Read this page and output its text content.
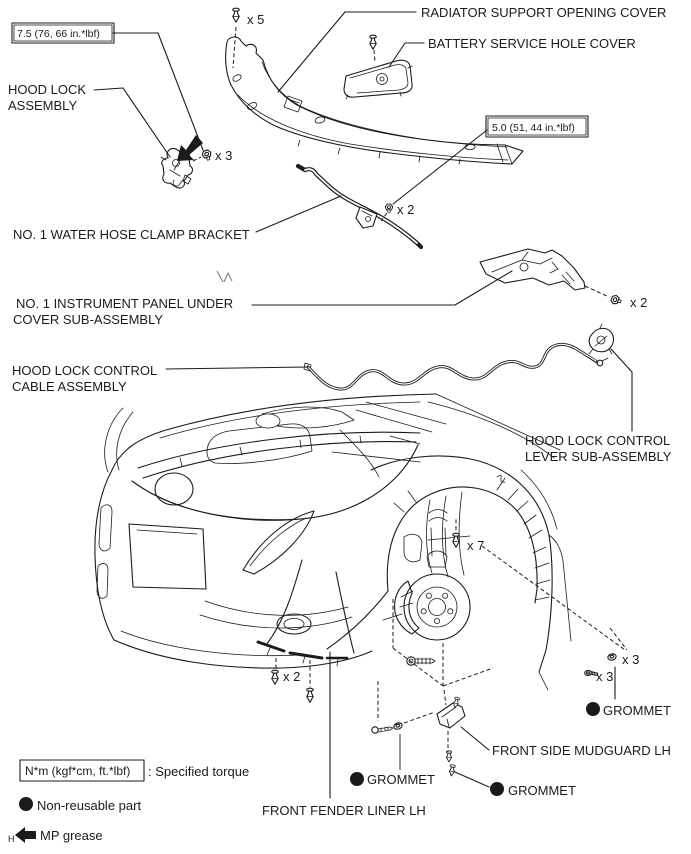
7.5 (76, 66 in.*lbf)
5.0 (51, 44 in.*lbf)
RADIATOR SUPPORT OPENING COVER
BATTERY SERVICE HOLE COVER
HOOD LOCK
ASSEMBLY
NO. 1 WATER HOSE CLAMP BRACKET
NO. 1 INSTRUMENT PANEL UNDER
COVER SUB-ASSEMBLY
HOOD LOCK CONTROL
CABLE ASSEMBLY
HOOD LOCK CONTROL
LEVER SUB-ASSEMBLY
FRONT SIDE MUDGUARD LH
FRONT FENDER LINER LH
GROMMET
GROMMET
GROMMET
x 5
x 3
x 2
x 2
x 7
x 3
x 3
x 2
N*m (kgf*cm, ft.*lbf) : Specified torque
Non-reusable part
H MP grease
